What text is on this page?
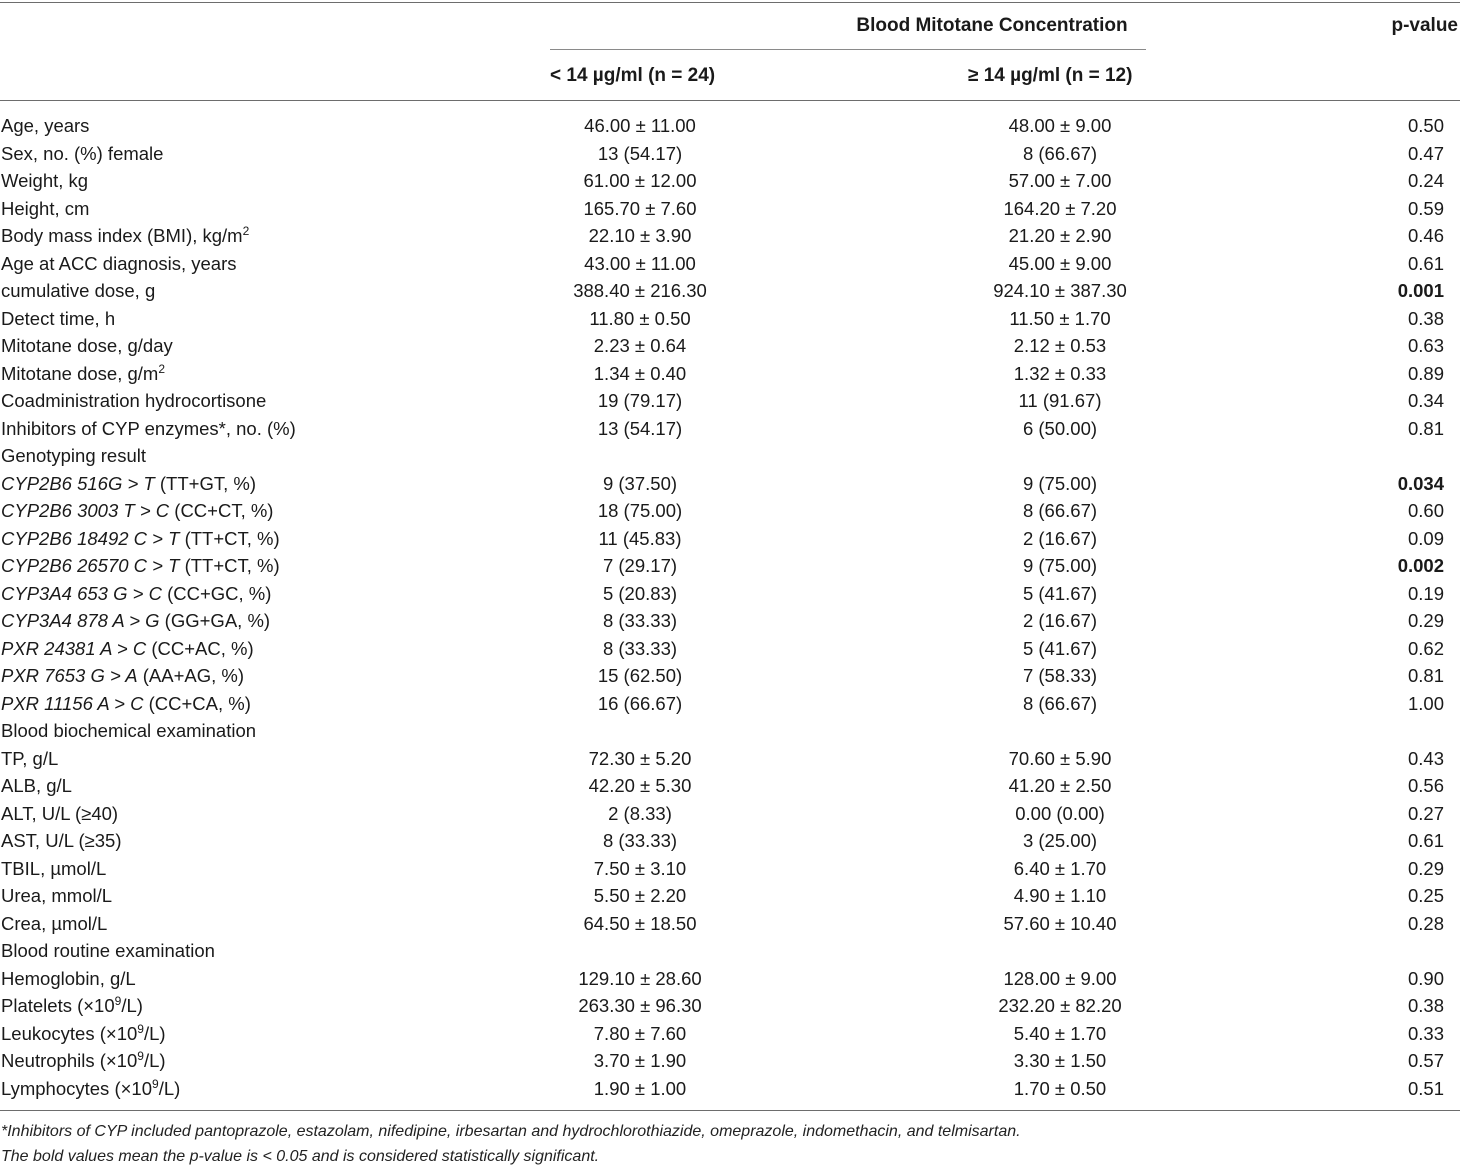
Blood Mitotane Concentration	p-value
< 14 µg/ml (n = 24)	≥ 14 µg/ml (n = 12)
Age, years	46.00 ± 11.00	48.00 ± 9.00	0.50
Sex, no. (%) female	13 (54.17)	8 (66.67)	0.47
Weight, kg	61.00 ± 12.00	57.00 ± 7.00	0.24
Height, cm	165.70 ± 7.60	164.20 ± 7.20	0.59
Body mass index (BMI), $kg/m^2$	22.10 ± 3.90	21.20 ± 2.90	0.46
Age at ACC diagnosis, years	43.00 ± 11.00	45.00 ± 9.00	0.61
cumulative dose, g	388.40 ± 216.30	924.10 ± 387.30	0.001
Detect time, h	11.80 ± 0.50	11.50 ± 1.70	0.38
Mitotane dose, g/day	2.23 ± 0.64	2.12 ± 0.53	0.63
Mitotane dose, $g/m^2$	1.34 ± 0.40	1.32 ± 0.33	0.89
Coadministration hydrocortisone	19 (79.17)	11 (91.67)	0.34
Inhibitors of CYP enzymes*, no. (%)	13 (54.17)	6 (50.00)	0.81
Genotyping result
CYP2B6 516G > T (TT+GT, %)	9 (37.50)	9 (75.00)	0.034
CYP2B6 3003 T > C (CC+CT, %)	18 (75.00)	8 (66.67)	0.60
CYP2B6 18492 C > T (TT+CT, %)	11 (45.83)	2 (16.67)	0.09
CYP2B6 26570 C > T (TT+CT, %)	7 (29.17)	9 (75.00)	0.002
CYP3A4 653 G > C (CC+GC, %)	5 (20.83)	5 (41.67)	0.19
CYP3A4 878 A > G (GG+GA, %)	8 (33.33)	2 (16.67)	0.29
PXR 24381 A > C (CC+AC, %)	8 (33.33)	5 (41.67)	0.62
PXR 7653 G > A (AA+AG, %)	15 (62.50)	7 (58.33)	0.81
PXR 11156 A > C (CC+CA, %)	16 (66.67)	8 (66.67)	1.00
Blood biochemical examination
TP, g/L	72.30 ± 5.20	70.60 ± 5.90	0.43
ALB, g/L	42.20 ± 5.30	41.20 ± 2.50	0.56
ALT, U/L (≥40)	2 (8.33)	0.00 (0.00)	0.27
AST, U/L (≥35)	8 (33.33)	3 (25.00)	0.61
TBIL, µmol/L	7.50 ± 3.10	6.40 ± 1.70	0.29
Urea, mmol/L	5.50 ± 2.20	4.90 ± 1.10	0.25
Crea, µmol/L	64.50 ± 18.50	57.60 ± 10.40	0.28
Blood routine examination
Hemoglobin, g/L	129.10 ± 28.60	128.00 ± 9.00	0.90
Platelets $(\times 10^9/L)$	263.30 ± 96.30	232.20 ± 82.20	0.38
Leukocytes $(\times 10^9/L)$	7.80 ± 7.60	5.40 ± 1.70	0.33
Neutrophils $(\times 10^9/L)$	3.70 ± 1.90	3.30 ± 1.50	0.57
Lymphocytes $(\times 10^9/L)$	1.90 ± 1.00	1.70 ± 0.50	0.51
*Inhibitors of CYP included pantoprazole, estazolam, nifedipine, irbesartan and hydrochlorothiazide, omeprazole, indomethacin, and telmisartan.
The bold values mean the p-value is < 0.05 and is considered statistically significant.
